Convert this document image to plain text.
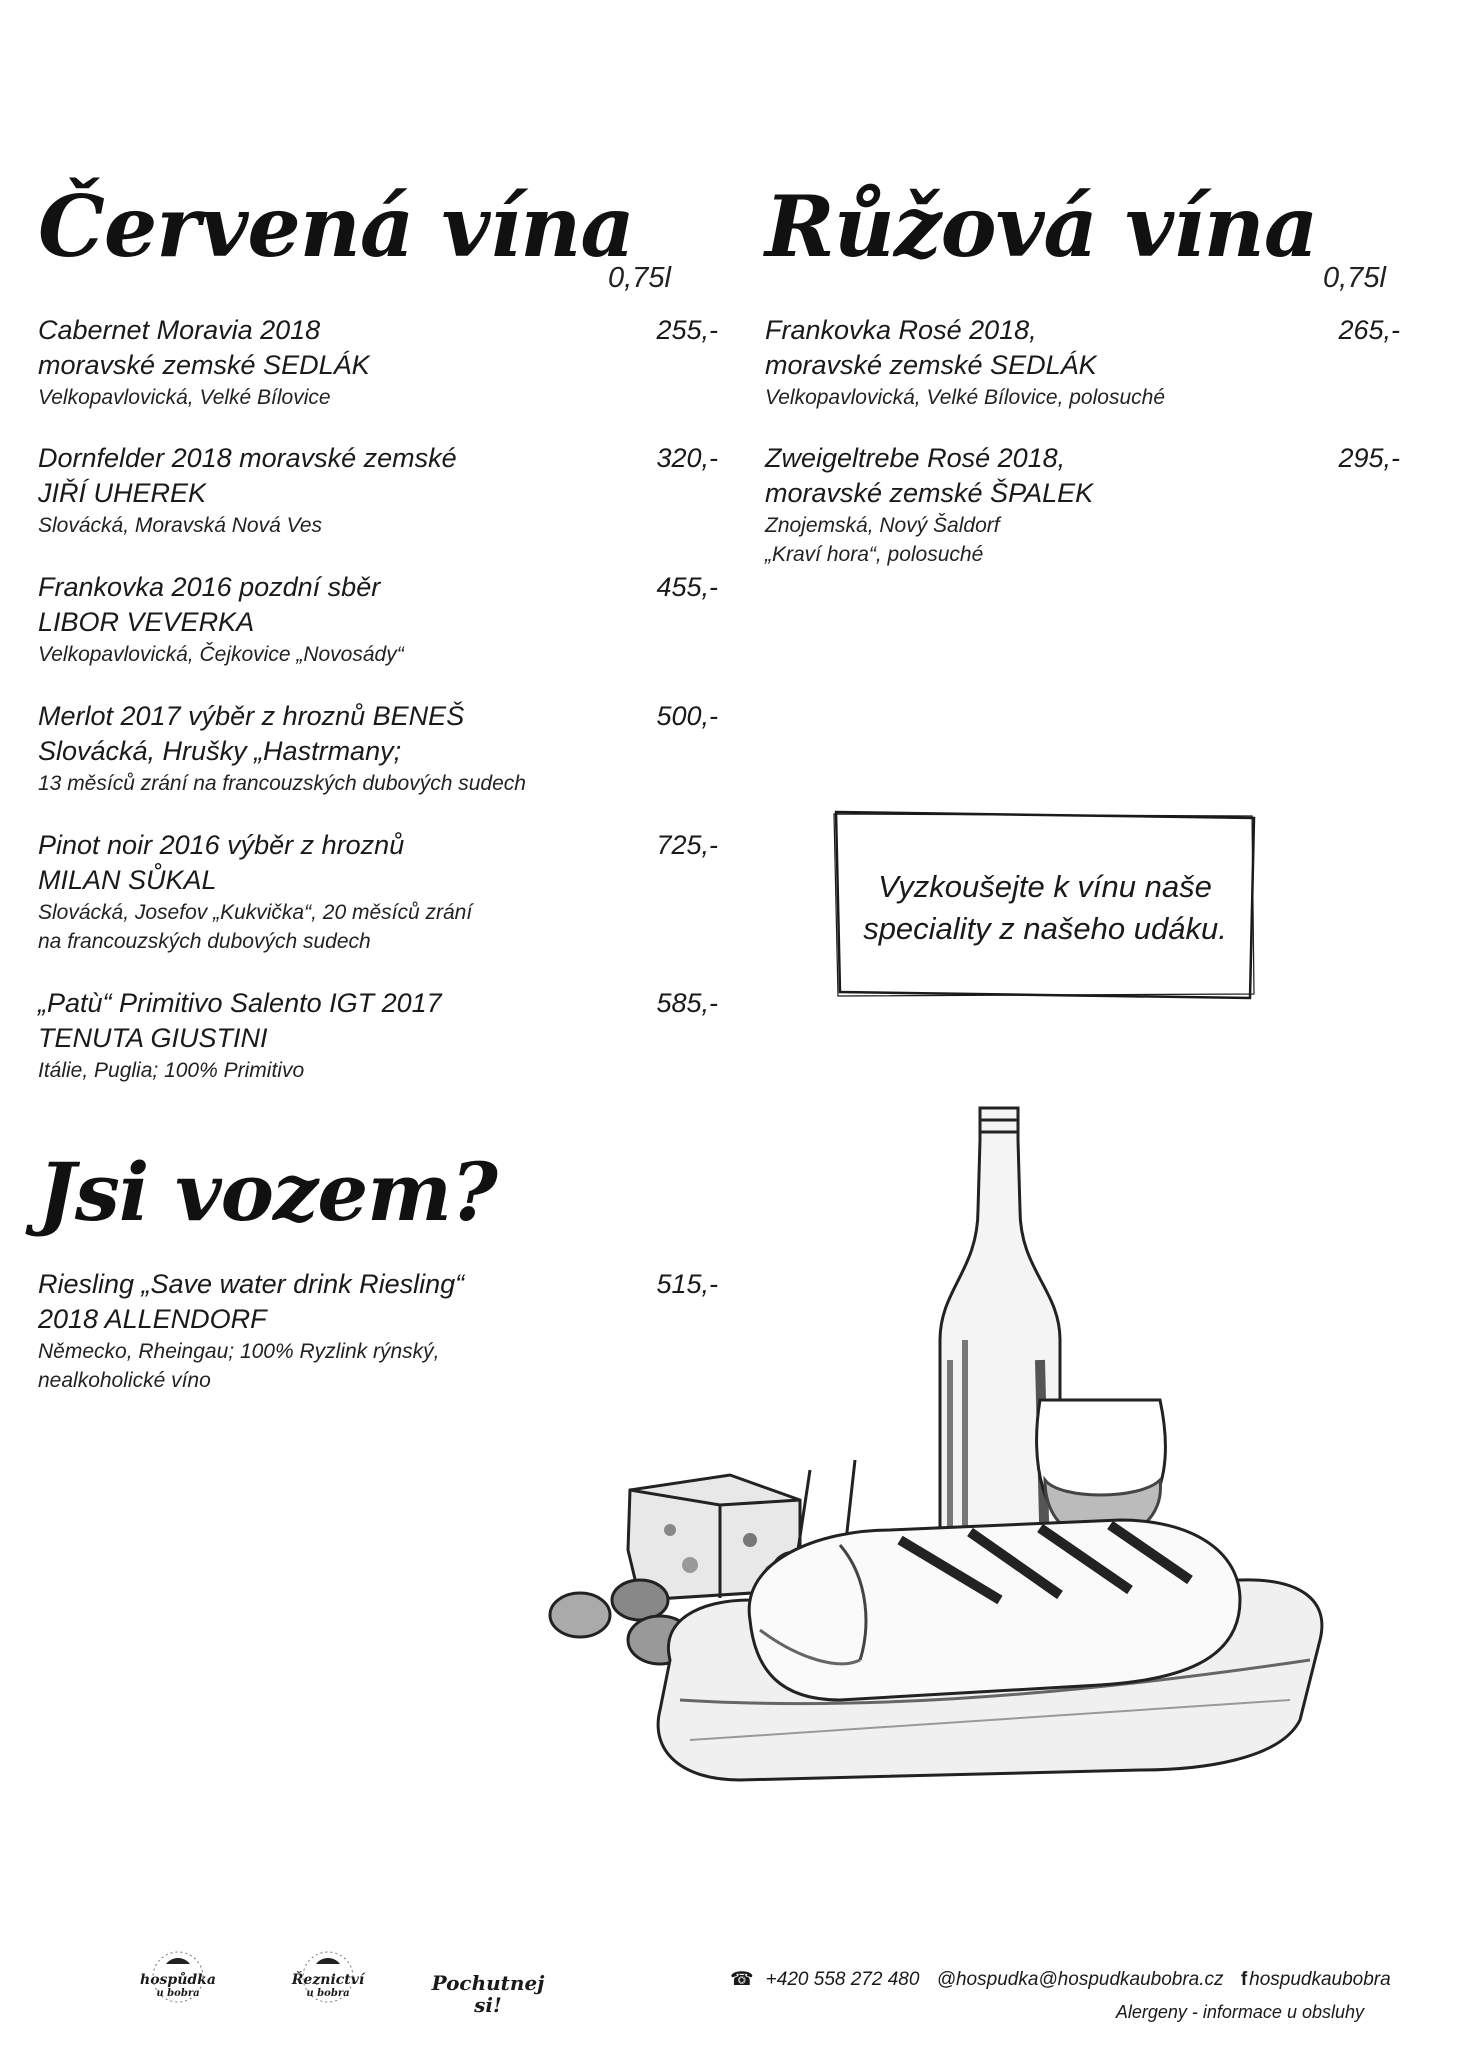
Červená vína
0,75l
Cabernet Moravia 2018
moravské zemské SEDLÁK
Velkopavlovická, Velké Bílovice
255,-
Dornfelder 2018 moravské zemské
JIŘÍ UHEREK
Slovácká, Moravská Nová Ves
320,-
Frankovka 2016 pozdní sběr
LIBOR VEVERKA
Velkopavlovická, Čejkovice „Novosády“
455,-
Merlot 2017 výběr z hroznů BENEŠ
Slovácká, Hrušky „Hastrmany;
13 měsíců zrání na francouzských dubových sudech
500,-
Pinot noir 2016 výběr z hroznů
MILAN SŮKAL
Slovácká, Josefov „Kukvička“, 20 měsíců zrání
na francouzských dubových sudech
725,-
„Patù“ Primitivo Salento IGT 2017
TENUTA GIUSTINI
Itálie, Puglia; 100% Primitivo
585,-
Růžová vína
0,75l
Frankovka Rosé 2018,
moravské zemské SEDLÁK
Velkopavlovická, Velké Bílovice, polosuché
265,-
Zweigeltrebe Rosé 2018,
moravské zemské ŠPALEK
Znojemská, Nový Šaldorf
„Kraví hora“, polosuché
295,-
Vyzkoušejte k vínu naše
speciality z našeho udáku.
Jsi vozem?
Riesling „Save water drink Riesling“
2018 ALLENDORF
Německo, Rheingau; 100% Ryzlink rýnský,
nealkoholické víno
515,-
hospůdka
u bobra
Řeznictví
u bobra	Pochutnej si!
☎ +420 558 272 480 @hospudka@hospudkaubobra.cz f hospudkaubobra
Alergeny - informace u obsluhy
